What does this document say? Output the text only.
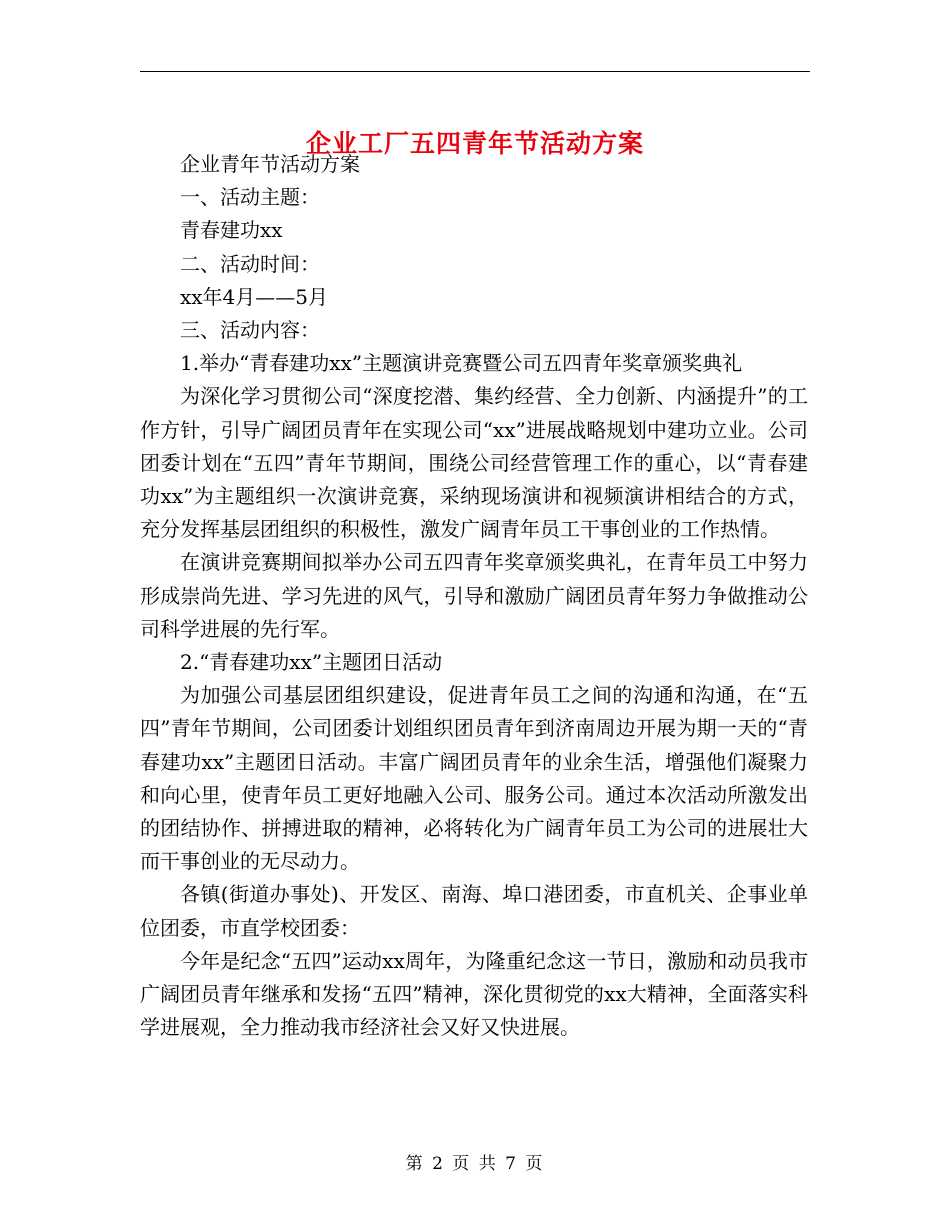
企业工厂五四青年节活动方案

企业青年节活动方案

一、活动主题：

青春建功xx

二、活动时间：

xx年4月——5月

三、活动内容：

1.举办“青春建功xx”主题演讲竞赛暨公司五四青年奖章颁奖典礼

为深化学习贯彻公司“深度挖潜、集约经营、全力创新、内涵提升”的工作方针，引导广阔团员青年在实现公司“xx”进展战略规划中建功立业。公司团委计划在“五四”青年节期间，围绕公司经营管理工作的重心，以“青春建功xx”为主题组织一次演讲竞赛，采纳现场演讲和视频演讲相结合的方式，充分发挥基层团组织的积极性，激发广阔青年员工干事创业的工作热情。

在演讲竞赛期间拟举办公司五四青年奖章颁奖典礼，在青年员工中努力形成崇尚先进、学习先进的风气，引导和激励广阔团员青年努力争做推动公司科学进展的先行军。

2.“青春建功xx”主题团日活动

为加强公司基层团组织建设，促进青年员工之间的沟通和沟通，在“五四”青年节期间，公司团委计划组织团员青年到济南周边开展为期一天的“青春建功xx”主题团日活动。丰富广阔团员青年的业余生活，增强他们凝聚力和向心里，使青年员工更好地融入公司、服务公司。通过本次活动所激发出的团结协作、拼搏进取的精神，必将转化为广阔青年员工为公司的进展壮大而干事创业的无尽动力。

各镇(街道办事处)、开发区、南海、埠口港团委，市直机关、企事业单位团委，市直学校团委：

今年是纪念“五四”运动xx周年，为隆重纪念这一节日，激励和动员我市广阔团员青年继承和发扬“五四”精神，深化贯彻党的xx大精神，全面落实科学进展观，全力推动我市经济社会又好又快进展。

第 2 页 共 7 页
